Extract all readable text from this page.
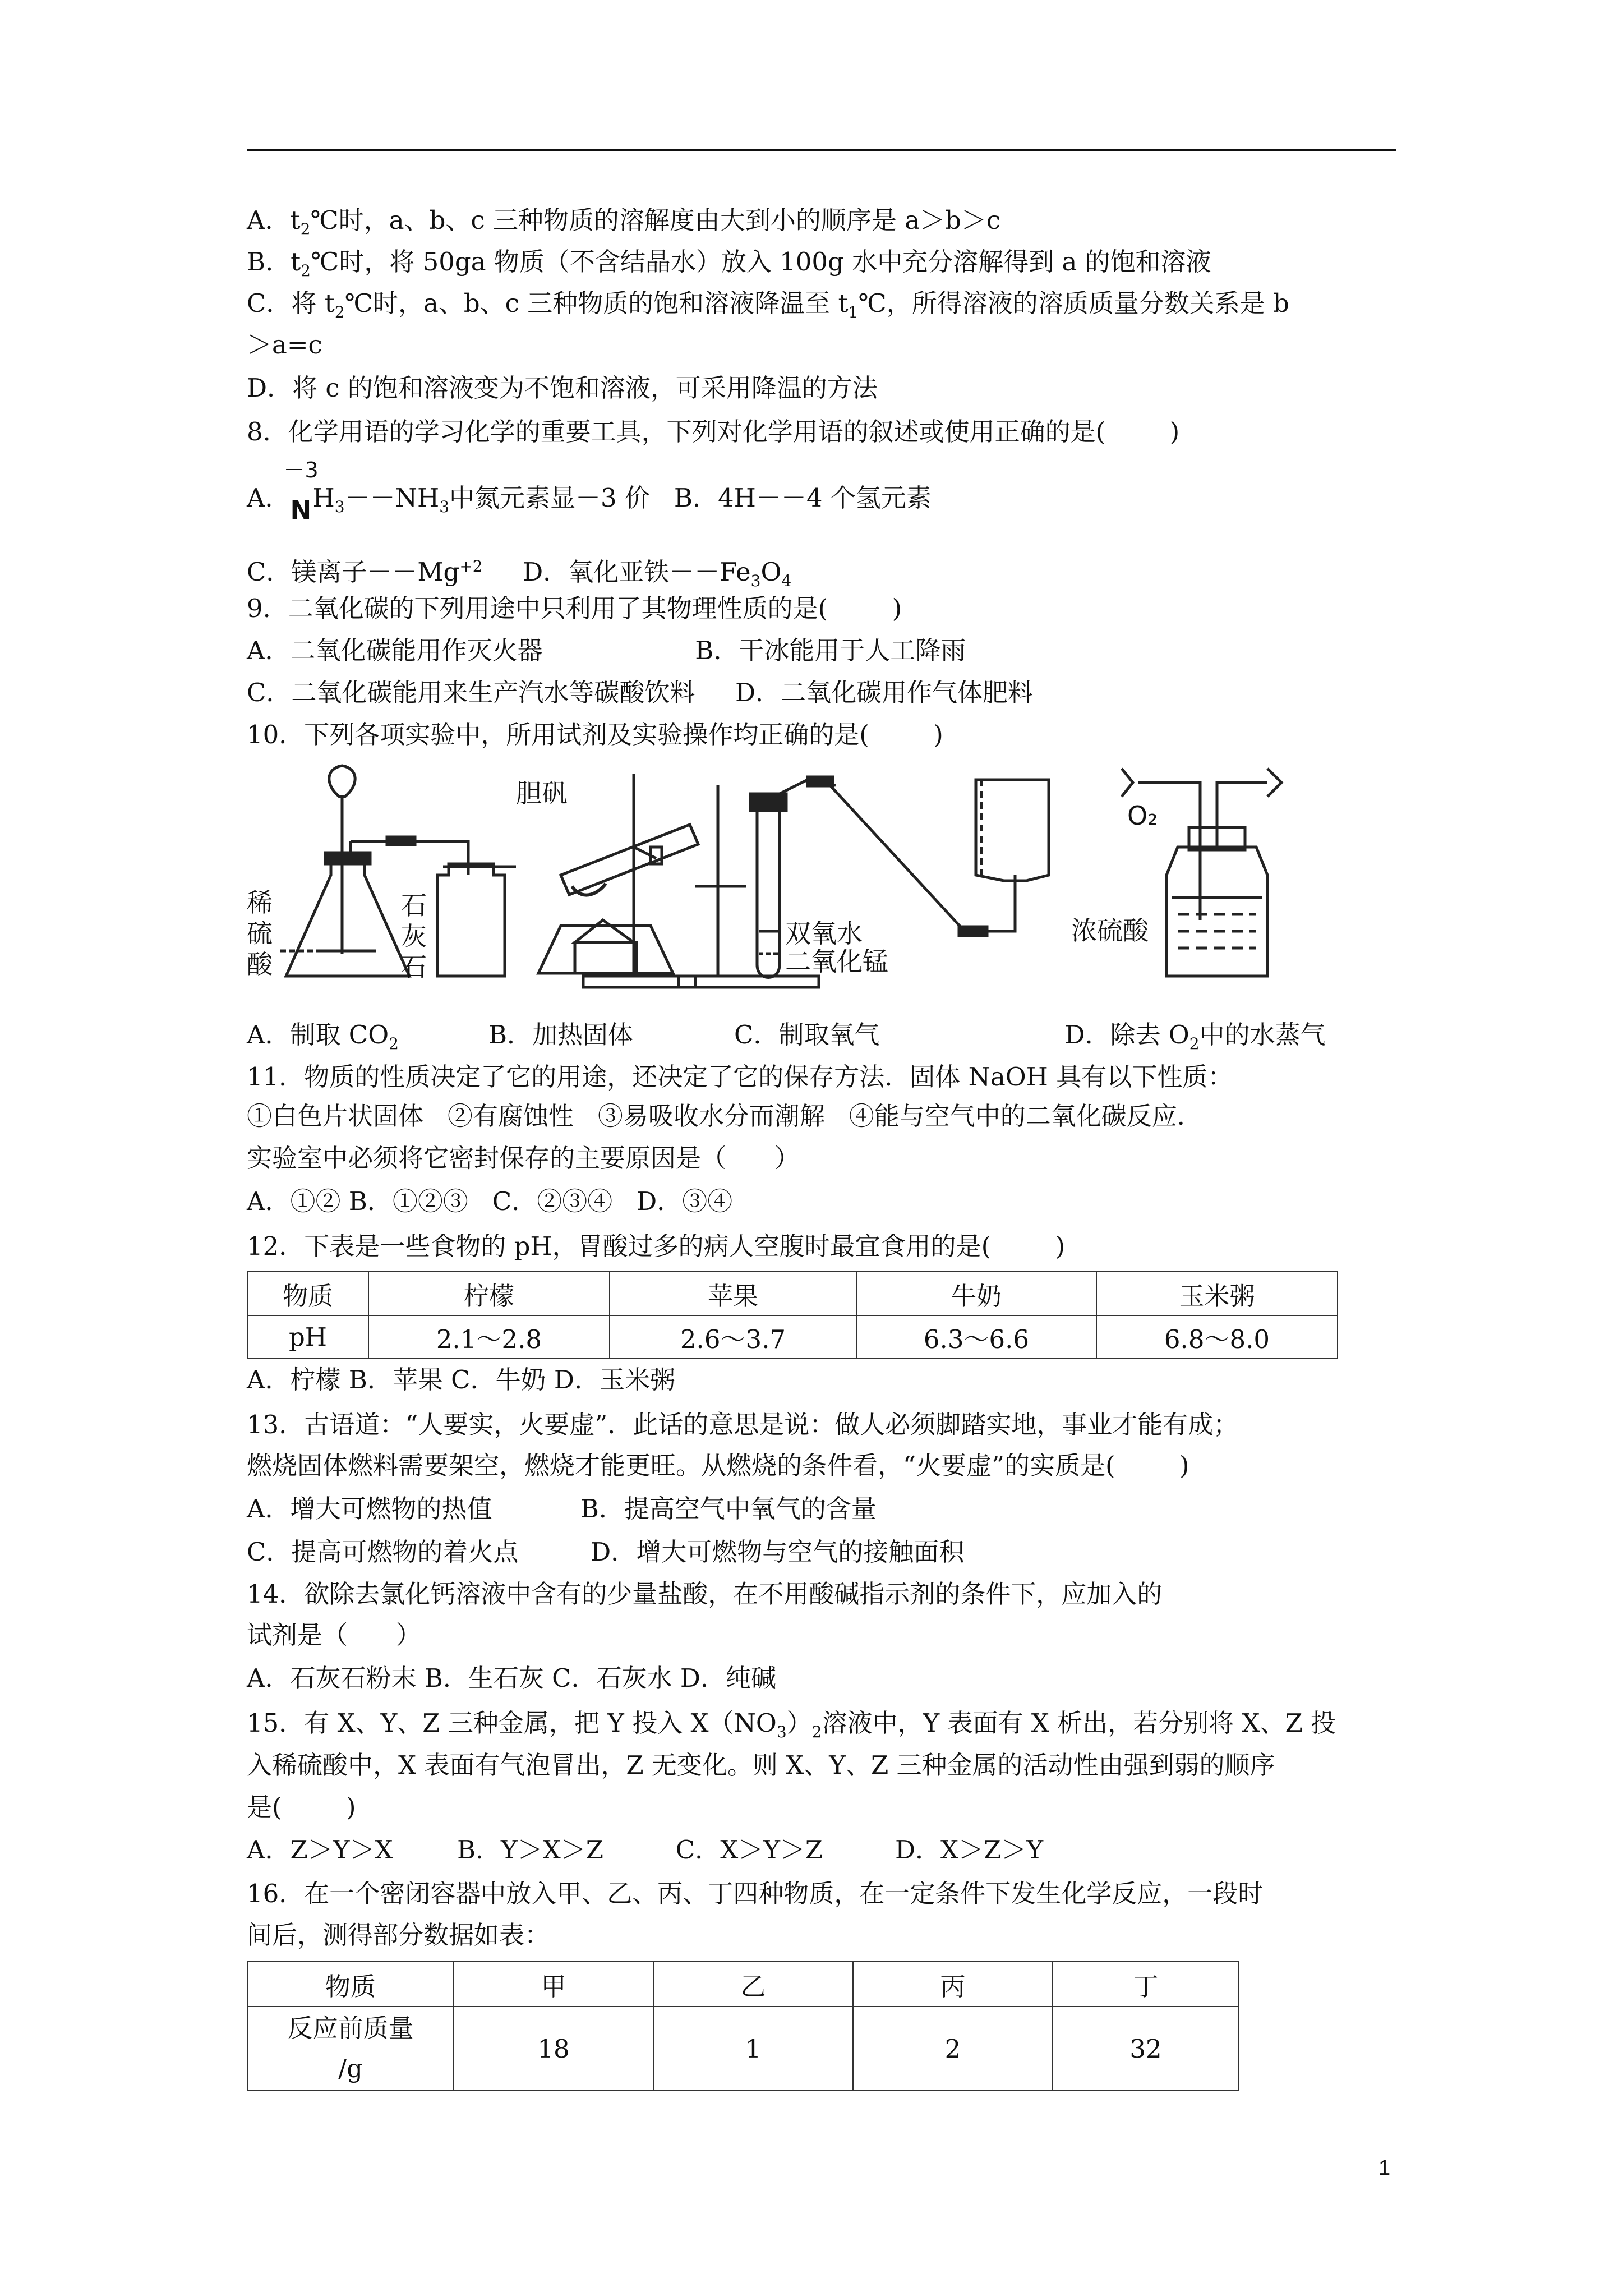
A．$t_2℃$时，a、b、c 三种物质的溶解度由大到小的顺序是 a＞b＞c
B．$t_2℃$时，将 50ga 物质（不含结晶水）放入 100g 水中充分溶解得到 a 的饱和溶液
C．将 $t_2℃$时，a、b、c 三种物质的饱和溶液降温至 $t_1℃$，所得溶液的溶质质量分数关系是 b
＞a=c
D．将 c 的饱和溶液变为不饱和溶液，可采用降温的方法
8．化学用语的学习化学的重要工具，下列对化学用语的叙述或使用正确的是(        )
A．
－3
$NH_3--NH_3$中氮元素显－3 价   B．4H－－4 个氢元素
C．镁离子$--Mg^{+2}$     D．氧化亚铁$--Fe_3O_4$
9．二氧化碳的下列用途中只利用了其物理性质的是(        )
A．二氧化碳能用作灭火器                   B．干冰能用于人工降雨
C．二氧化碳能用来生产汽水等碳酸饮料     D．二氧化碳用作气体肥料
10．下列各项实验中，所用试剂及实验操作均正确的是(        )
稀
硫
酸
石
灰
石
胆矾
双氧水
二氧化锰
O₂
浓硫酸
A．制取 $CO_2$	B．加热固体	C．制取氧气	D．除去 $O_2$中的水蒸气
11．物质的性质决定了它的用途，还决定了它的保存方法．固体 NaOH 具有以下性质：
①白色片状固体   ②有腐蚀性   ③易吸收水分而潮解   ④能与空气中的二氧化碳反应．
实验室中必须将它密封保存的主要原因是（      ）
A．①② B．①②③   C．②③④   D．③④
12．下表是一些食物的 pH，胃酸过多的病人空腹时最宜食用的是(        )
物质	柠檬	苹果	牛奶	玉米粥
pH	2.1～2.8	2.6～3.7	6.3～6.6	6.8～8.0
A．柠檬 B．苹果 C．牛奶 D．玉米粥
13．古语道：“人要实，火要虚”．此话的意思是说：做人必须脚踏实地，事业才能有成；
燃烧固体燃料需要架空，燃烧才能更旺。从燃烧的条件看，“火要虚”的实质是(        )
A．增大可燃物的热值           B．提高空气中氧气的含量
C．提高可燃物的着火点         D．增大可燃物与空气的接触面积
14．欲除去氯化钙溶液中含有的少量盐酸，在不用酸碱指示剂的条件下，应加入的
试剂是（      ）
A．石灰石粉末 B．生石灰 C．石灰水 D．纯碱
15．有 X、Y、Z 三种金属，把 Y 投入 $X(NO_3)_2$溶液中，Y 表面有 X 析出，若分别将 X、Z 投
入稀硫酸中，X 表面有气泡冒出，Z 无变化。则 X、Y、Z 三种金属的活动性由强到弱的顺序
是(        )
A．Z＞Y＞X        B．Y＞X＞Z         C．X＞Y＞Z         D．X＞Z＞Y
16．在一个密闭容器中放入甲、乙、丙、丁四种物质，在一定条件下发生化学反应，一段时
间后，测得部分数据如表：
物质	甲	乙	丙	丁
反应前质量
/g	18	1	2	32
1
